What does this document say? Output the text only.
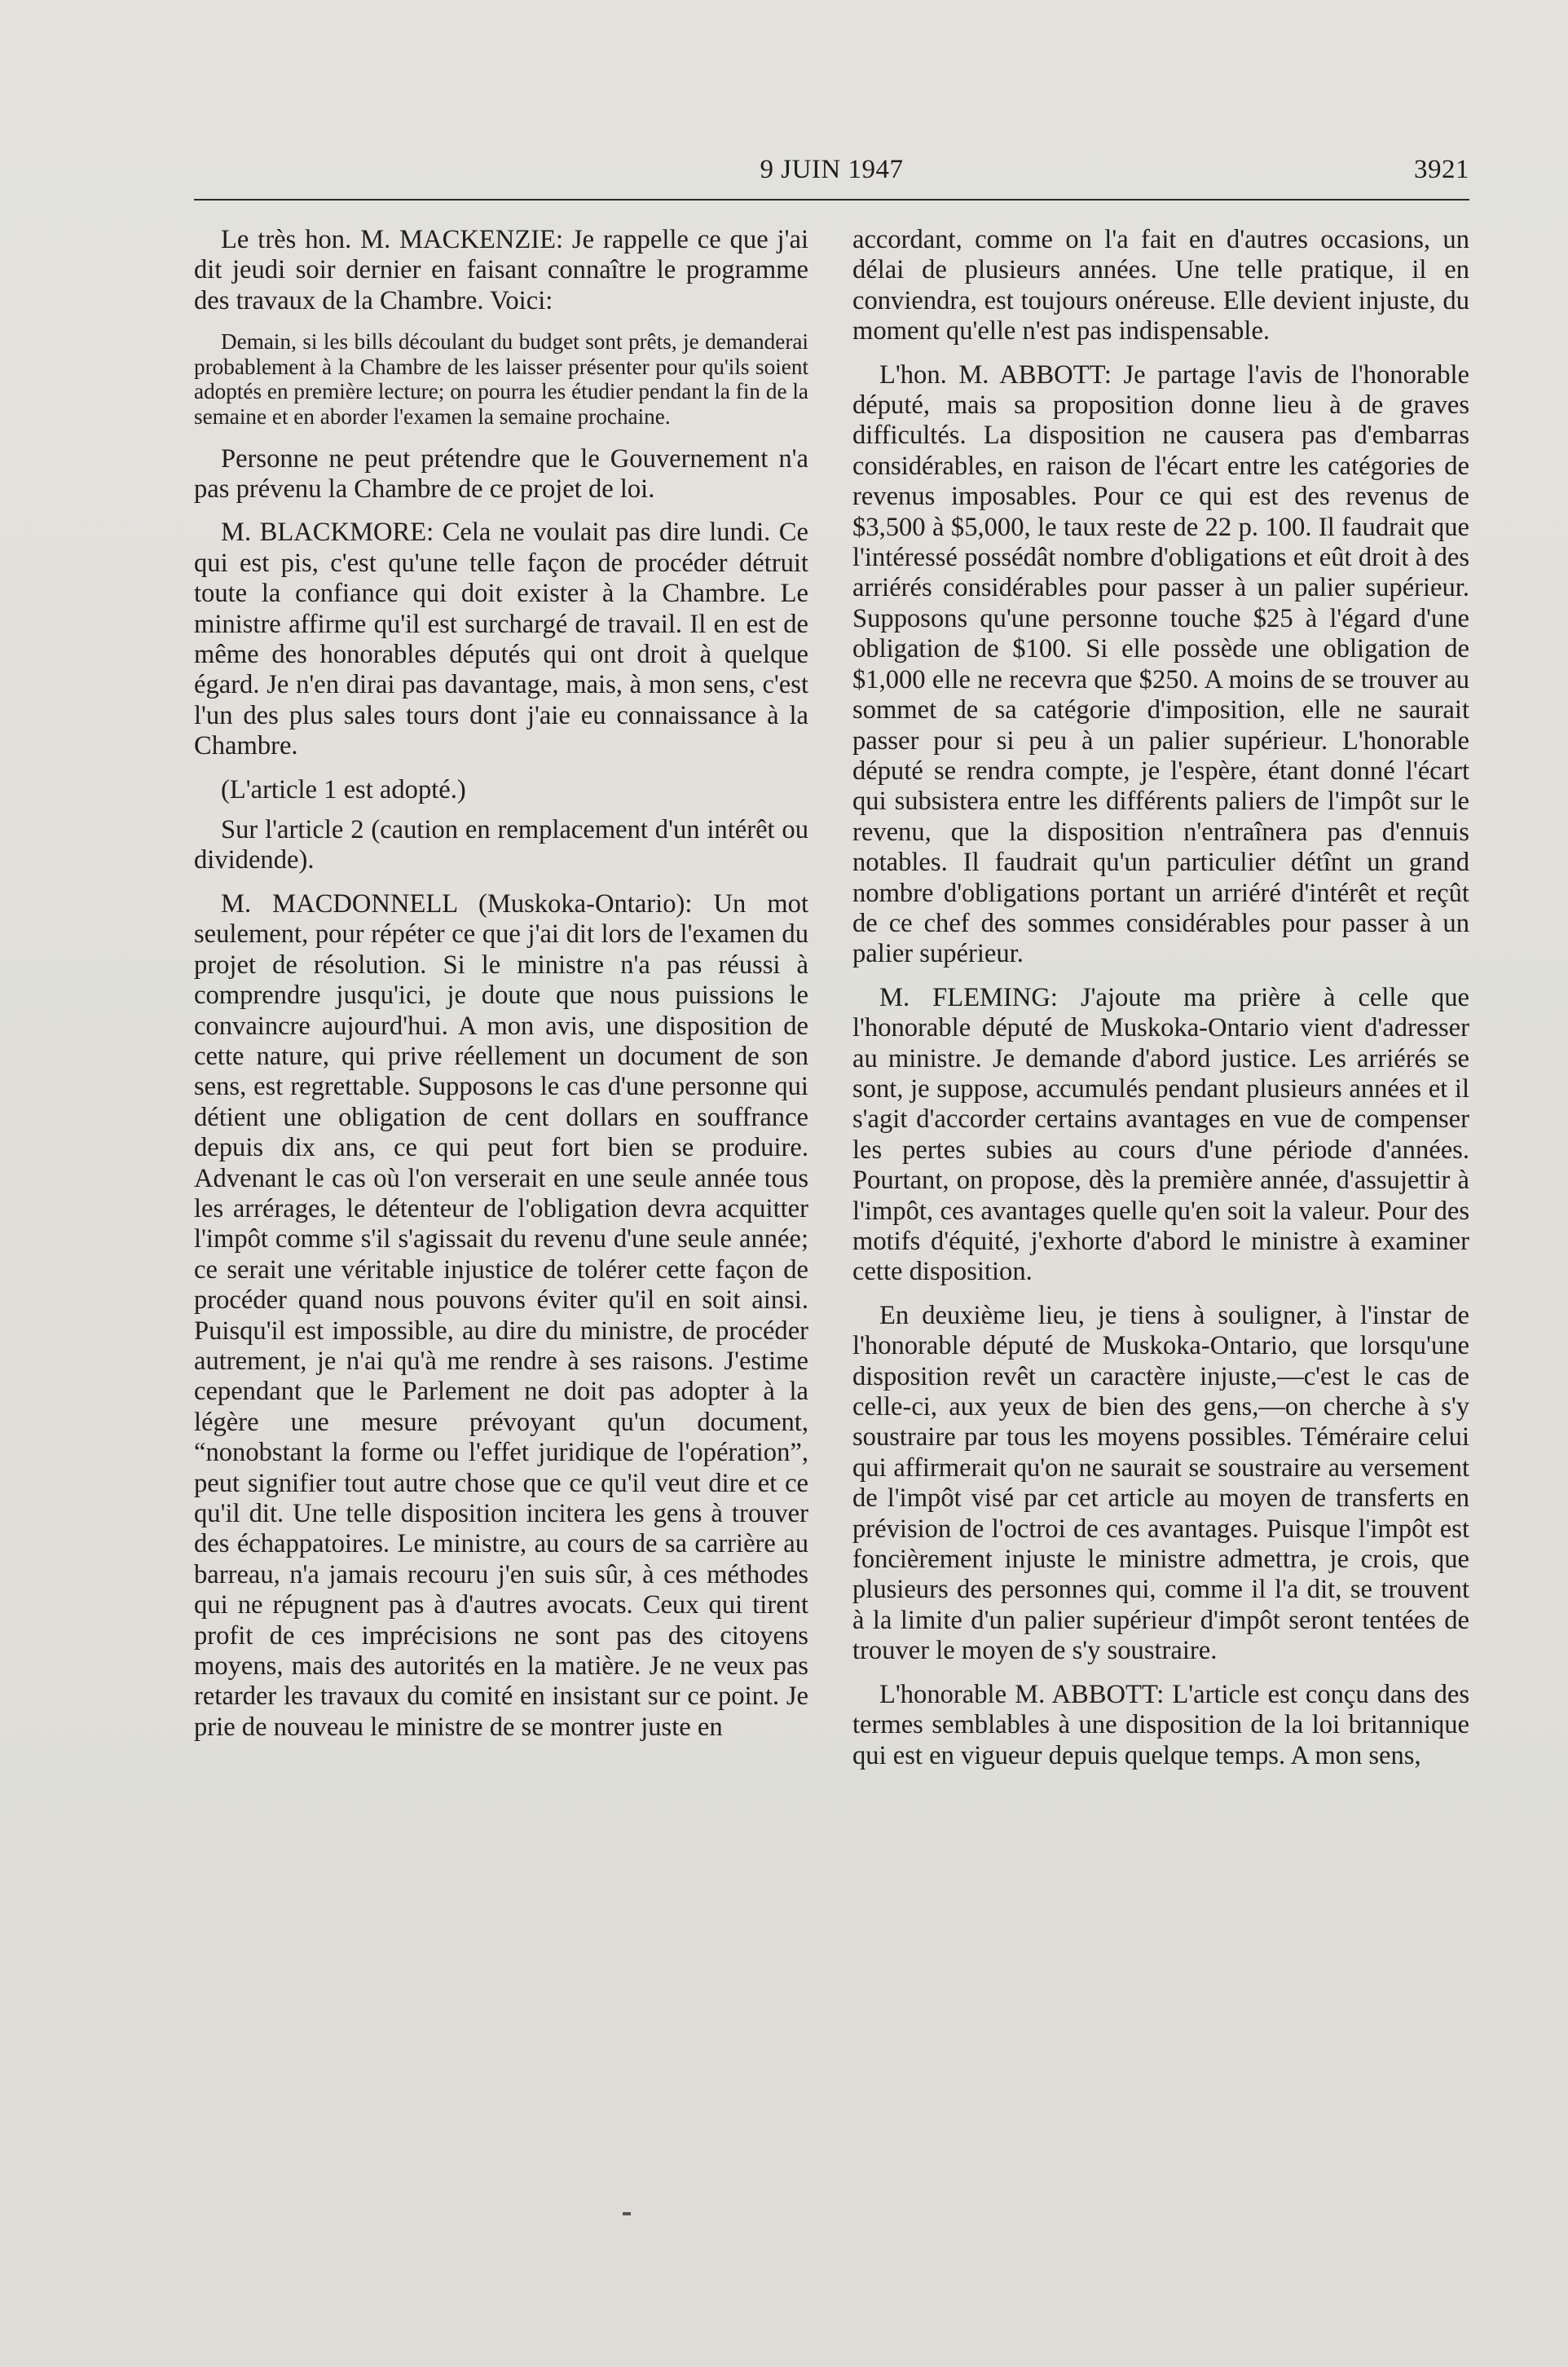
9 JUIN 1947	3921

Le très hon. M. MACKENZIE: Je rappelle ce que j'ai dit jeudi soir dernier en faisant connaître le programme des travaux de la Chambre. Voici:

Demain, si les bills découlant du budget sont prêts, je demanderai probablement à la Chambre de les laisser présenter pour qu'ils soient adoptés en première lecture; on pourra les étudier pendant la fin de la semaine et en aborder l'examen la semaine prochaine.

Personne ne peut prétendre que le Gouvernement n'a pas prévenu la Chambre de ce projet de loi.

M. BLACKMORE: Cela ne voulait pas dire lundi. Ce qui est pis, c'est qu'une telle façon de procéder détruit toute la confiance qui doit exister à la Chambre. Le ministre affirme qu'il est surchargé de travail. Il en est de même des honorables députés qui ont droit à quelque égard. Je n'en dirai pas davantage, mais, à mon sens, c'est l'un des plus sales tours dont j'aie eu connaissance à la Chambre.

(L'article 1 est adopté.)

Sur l'article 2 (caution en remplacement d'un intérêt ou dividende).

M. MACDONNELL (Muskoka-Ontario): Un mot seulement, pour répéter ce que j'ai dit lors de l'examen du projet de résolution. Si le ministre n'a pas réussi à comprendre jusqu'ici, je doute que nous puissions le convaincre aujourd'hui. A mon avis, une disposition de cette nature, qui prive réellement un document de son sens, est regrettable. Supposons le cas d'une personne qui détient une obligation de cent dollars en souffrance depuis dix ans, ce qui peut fort bien se produire. Advenant le cas où l'on verserait en une seule année tous les arrérages, le détenteur de l'obligation devra acquitter l'impôt comme s'il s'agissait du revenu d'une seule année; ce serait une véritable injustice de tolérer cette façon de procéder quand nous pouvons éviter qu'il en soit ainsi. Puisqu'il est impossible, au dire du ministre, de procéder autrement, je n'ai qu'à me rendre à ses raisons. J'estime cependant que le Parlement ne doit pas adopter à la légère une mesure prévoyant qu'un document, “nonobstant la forme ou l'effet juridique de l'opération”, peut signifier tout autre chose que ce qu'il veut dire et ce qu'il dit. Une telle disposition incitera les gens à trouver des échappatoires. Le ministre, au cours de sa carrière au barreau, n'a jamais recouru j'en suis sûr, à ces méthodes qui ne répugnent pas à d'autres avocats. Ceux qui tirent profit de ces imprécisions ne sont pas des citoyens moyens, mais des autorités en la matière. Je ne veux pas retarder les travaux du comité en insistant sur ce point. Je prie de nouveau le ministre de se montrer juste en

accordant, comme on l'a fait en d'autres occasions, un délai de plusieurs années. Une telle pratique, il en conviendra, est toujours onéreuse. Elle devient injuste, du moment qu'elle n'est pas indispensable.

L'hon. M. ABBOTT: Je partage l'avis de l'honorable député, mais sa proposition donne lieu à de graves difficultés. La disposition ne causera pas d'embarras considérables, en raison de l'écart entre les catégories de revenus imposables. Pour ce qui est des revenus de $3,500 à $5,000, le taux reste de 22 p. 100. Il faudrait que l'intéressé possédât nombre d'obligations et eût droit à des arriérés considérables pour passer à un palier supérieur. Supposons qu'une personne touche $25 à l'égard d'une obligation de $100. Si elle possède une obligation de $1,000 elle ne recevra que $250. A moins de se trouver au sommet de sa catégorie d'imposition, elle ne saurait passer pour si peu à un palier supérieur. L'honorable député se rendra compte, je l'espère, étant donné l'écart qui subsistera entre les différents paliers de l'impôt sur le revenu, que la disposition n'entraînera pas d'ennuis notables. Il faudrait qu'un particulier détînt un grand nombre d'obligations portant un arriéré d'intérêt et reçût de ce chef des sommes considérables pour passer à un palier supérieur.

M. FLEMING: J'ajoute ma prière à celle que l'honorable député de Muskoka-Ontario vient d'adresser au ministre. Je demande d'abord justice. Les arriérés se sont, je suppose, accumulés pendant plusieurs années et il s'agit d'accorder certains avantages en vue de compenser les pertes subies au cours d'une période d'années. Pourtant, on propose, dès la première année, d'assujettir à l'impôt, ces avantages quelle qu'en soit la valeur. Pour des motifs d'équité, j'exhorte d'abord le ministre à examiner cette disposition.

En deuxième lieu, je tiens à souligner, à l'instar de l'honorable député de Muskoka-Ontario, que lorsqu'une disposition revêt un caractère injuste,—c'est le cas de celle-ci, aux yeux de bien des gens,—on cherche à s'y soustraire par tous les moyens possibles. Téméraire celui qui affirmerait qu'on ne saurait se soustraire au versement de l'impôt visé par cet article au moyen de transferts en prévision de l'octroi de ces avantages. Puisque l'impôt est foncièrement injuste le ministre admettra, je crois, que plusieurs des personnes qui, comme il l'a dit, se trouvent à la limite d'un palier supérieur d'impôt seront tentées de trouver le moyen de s'y soustraire.

L'honorable M. ABBOTT: L'article est conçu dans des termes semblables à une disposition de la loi britannique qui est en vigueur depuis quelque temps. A mon sens,
